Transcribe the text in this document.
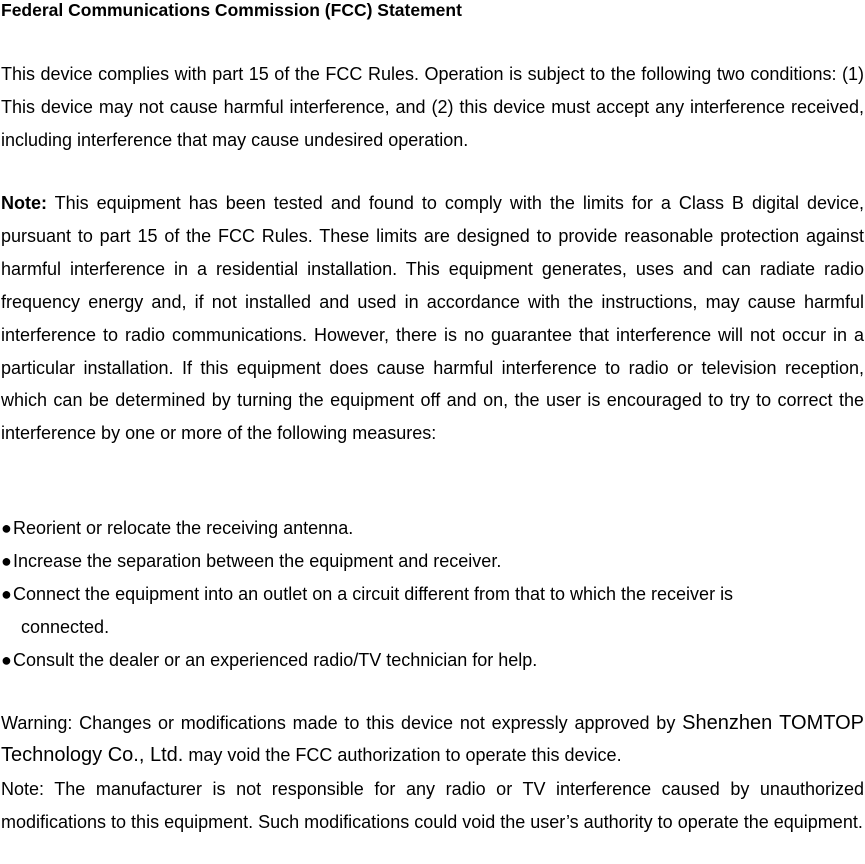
Federal Communications Commission (FCC) Statement

This device complies with part 15 of the FCC Rules. Operation is subject to the following two conditions: (1) This device may not cause harmful interference, and (2) this device must accept any interference received, including interference that may cause undesired operation.

Note: This equipment has been tested and found to comply with the limits for a Class B digital device, pursuant to part 15 of the FCC Rules. These limits are designed to provide reasonable protection against harmful interference in a residential installation. This equipment generates, uses and can radiate radio frequency energy and, if not installed and used in accordance with the instructions, may cause harmful interference to radio communications. However, there is no guarantee that interference will not occur in a particular installation. If this equipment does cause harmful interference to radio or television reception, which can be determined by turning the equipment off and on, the user is encouraged to try to correct the interference by one or more of the following measures:

● Reorient or relocate the receiving antenna.
● Increase the separation between the equipment and receiver.
● Connect the equipment into an outlet on a circuit different from that to which the receiver is
connected.
● Consult the dealer or an experienced radio/TV technician for help.

Warning: Changes or modifications made to this device not expressly approved by Shenzhen TOMTOP Technology Co., Ltd. may void the FCC authorization to operate this device.

Note: The manufacturer is not responsible for any radio or TV interference caused by unauthorized modifications to this equipment. Such modifications could void the user’s authority to operate the equipment.
